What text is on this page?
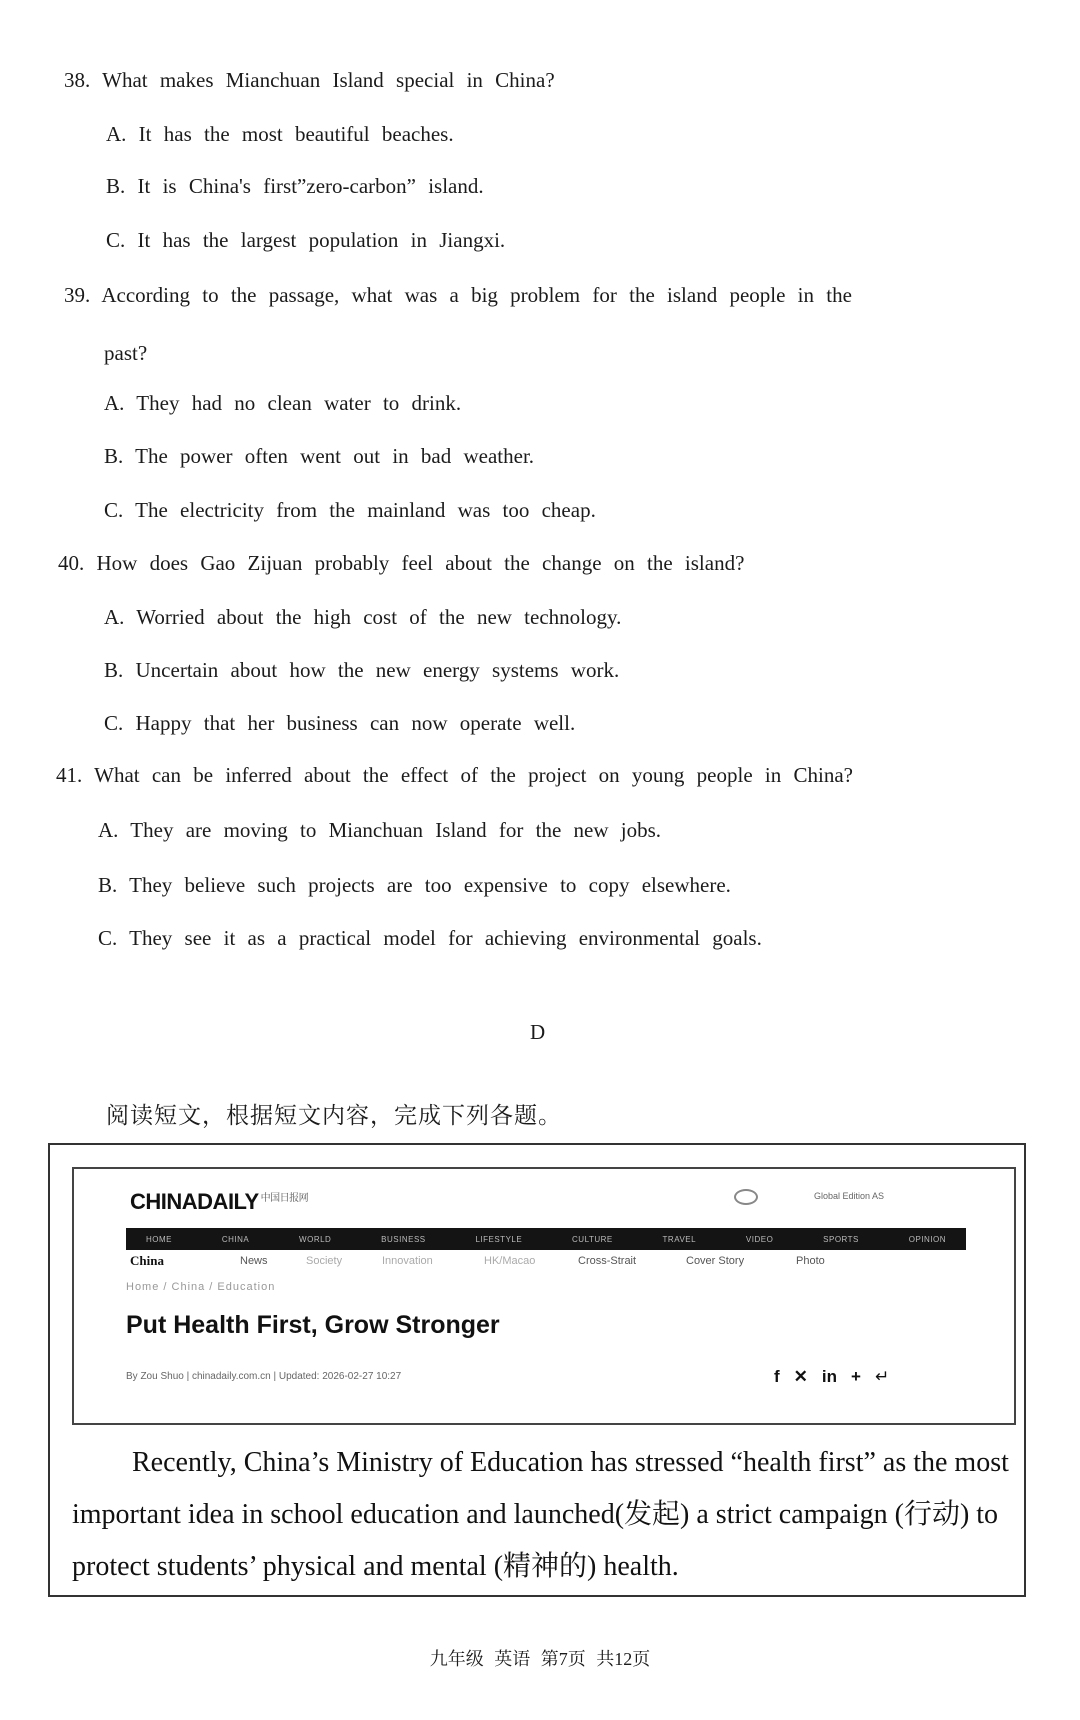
38. What makes Mianchuan Island special in China?
A. It has the most beautiful beaches.
B. It is China's first”zero-carbon” island.
C. It has the largest population in Jiangxi.
39. According to the passage, what was a big problem for the island people in the
past?
A. They had no clean water to drink.
B. The power often went out in bad weather.
C. The electricity from the mainland was too cheap.
40. How does Gao Zijuan probably feel about the change on the island?
A. Worried about the high cost of the new technology.
B. Uncertain about how the new energy systems work.
C. Happy that her business can now operate well.
41. What can be inferred about the effect of the project on young people in China?
A. They are moving to Mianchuan Island for the new jobs.
B. They believe such projects are too expensive to copy elsewhere.
C. They see it as a practical model for achieving environmental goals.
D
阅读短文，根据短文内容，完成下列各题。
CHINADAILY $^{中国日报网}$	Global Edition AS
HOME	CHINA	WORLD	BUSINESS	LIFESTYLE	CULTURE	TRAVEL	VIDEO	SPORTS	OPINION
China	News	Society	Innovation	HK/Macao	Cross-Strait	Cover Story	Photo
Home / China / Education
Put Health First, Grow Stronger
By Zou Shuo | chinadaily.com.cn | Updated: 2026-02-27 10:27	f ✕ in + ↵
Recently, China’s Ministry of Education has stressed “health first” as the most important idea in school education and launched(发起) a strict campaign (行动) to protect students’ physical and mental (精神的) health.
九年级 英语 第7页 共12页
